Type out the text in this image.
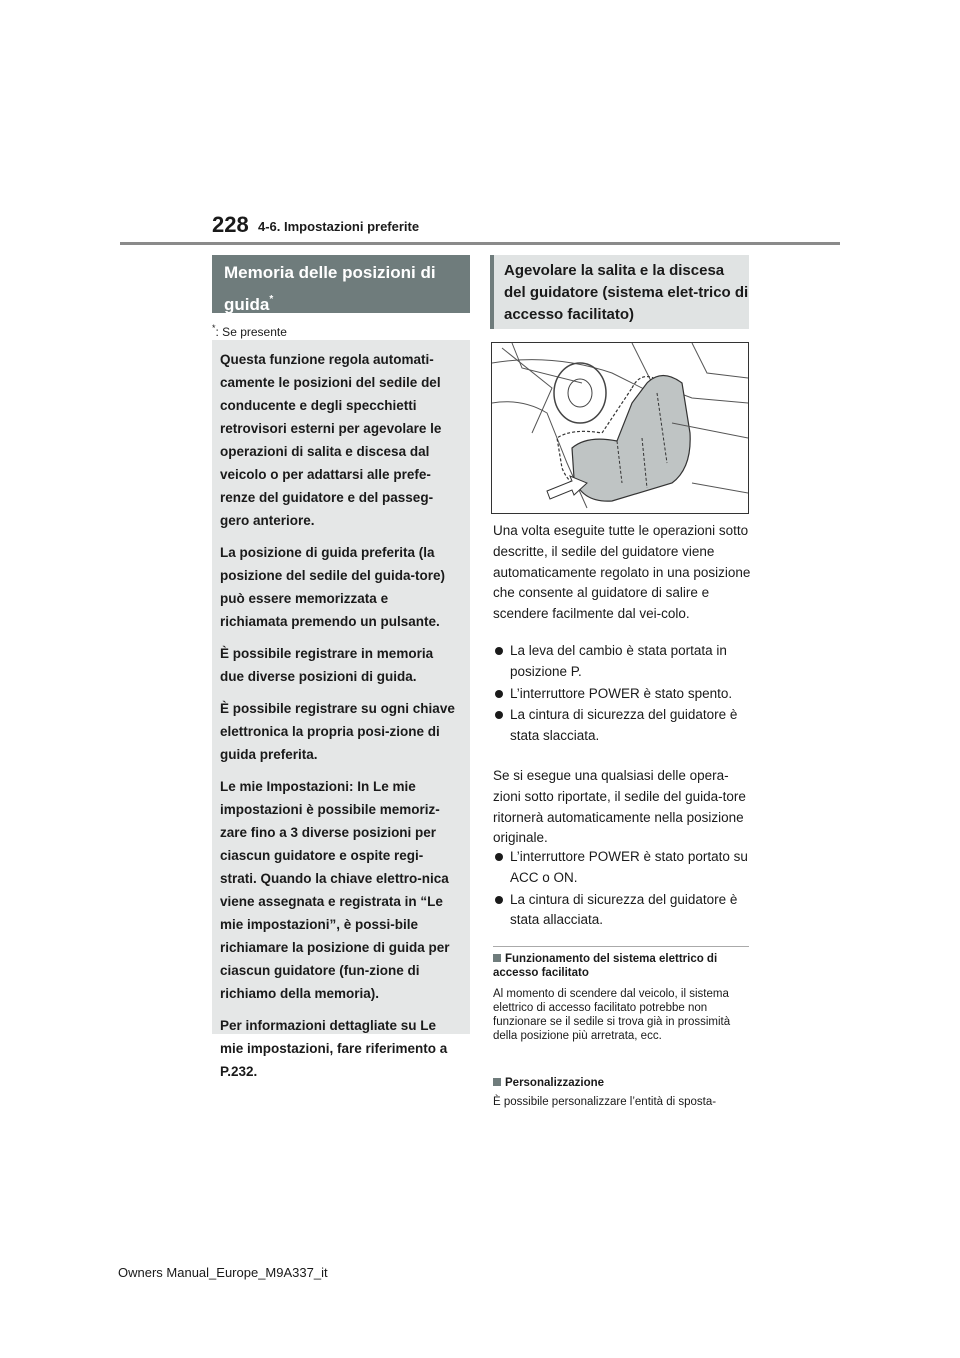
228 4-6. Impostazioni preferite
Memoria delle posizioni di guida*
*: Se presente

Questa funzione regola automati-camente le posizioni del sedile del conducente e degli specchietti retrovisori esterni per agevolare le operazioni di salita e discesa dal veicolo o per adattarsi alle prefe-renze del guidatore e del passeg-gero anteriore.

La posizione di guida preferita (la posizione del sedile del guida-tore) può essere memorizzata e richiamata premendo un pulsante.

È possibile registrare in memoria due diverse posizioni di guida.

È possibile registrare su ogni chiave elettronica la propria posi-zione di guida preferita.

Le mie Impostazioni: In Le mie impostazioni è possibile memoriz-zare fino a 3 diverse posizioni per ciascun guidatore e ospite regi-strati. Quando la chiave elettro-nica viene assegnata e registrata in “Le mie impostazioni”, è possi-bile richiamare la posizione di guida per ciascun guidatore (fun-zione di richiamo della memoria).

Per informazioni dettagliate su Le mie impostazioni, fare riferimento a P.232.

Agevolare la salita e la discesa del guidatore (sistema elet-trico di accesso facilitato)

Una volta eseguite tutte le operazioni sotto descritte, il sedile del guidatore viene automaticamente regolato in una posizione che consente al guidatore di salire e scendere facilmente dal vei-colo.

La leva del cambio è stata portata in posizione P.

L’interruttore POWER è stato spento.

La cintura di sicurezza del guidatore è stata slacciata.

Se si esegue una qualsiasi delle opera-zioni sotto riportate, il sedile del guida-tore ritornerà automaticamente nella posizione originale.

L’interruttore POWER è stato portato su ACC o ON.

La cintura di sicurezza del guidatore è stata allacciata.

Funzionamento del sistema elettrico di accesso facilitato
Al momento di scendere dal veicolo, il sistema elettrico di accesso facilitato potrebbe non funzionare se il sedile si trova già in prossimità della posizione più arretrata, ecc.
Personalizzazione
È possibile personalizzare l’entità di sposta-
Owners Manual_Europe_M9A337_it
